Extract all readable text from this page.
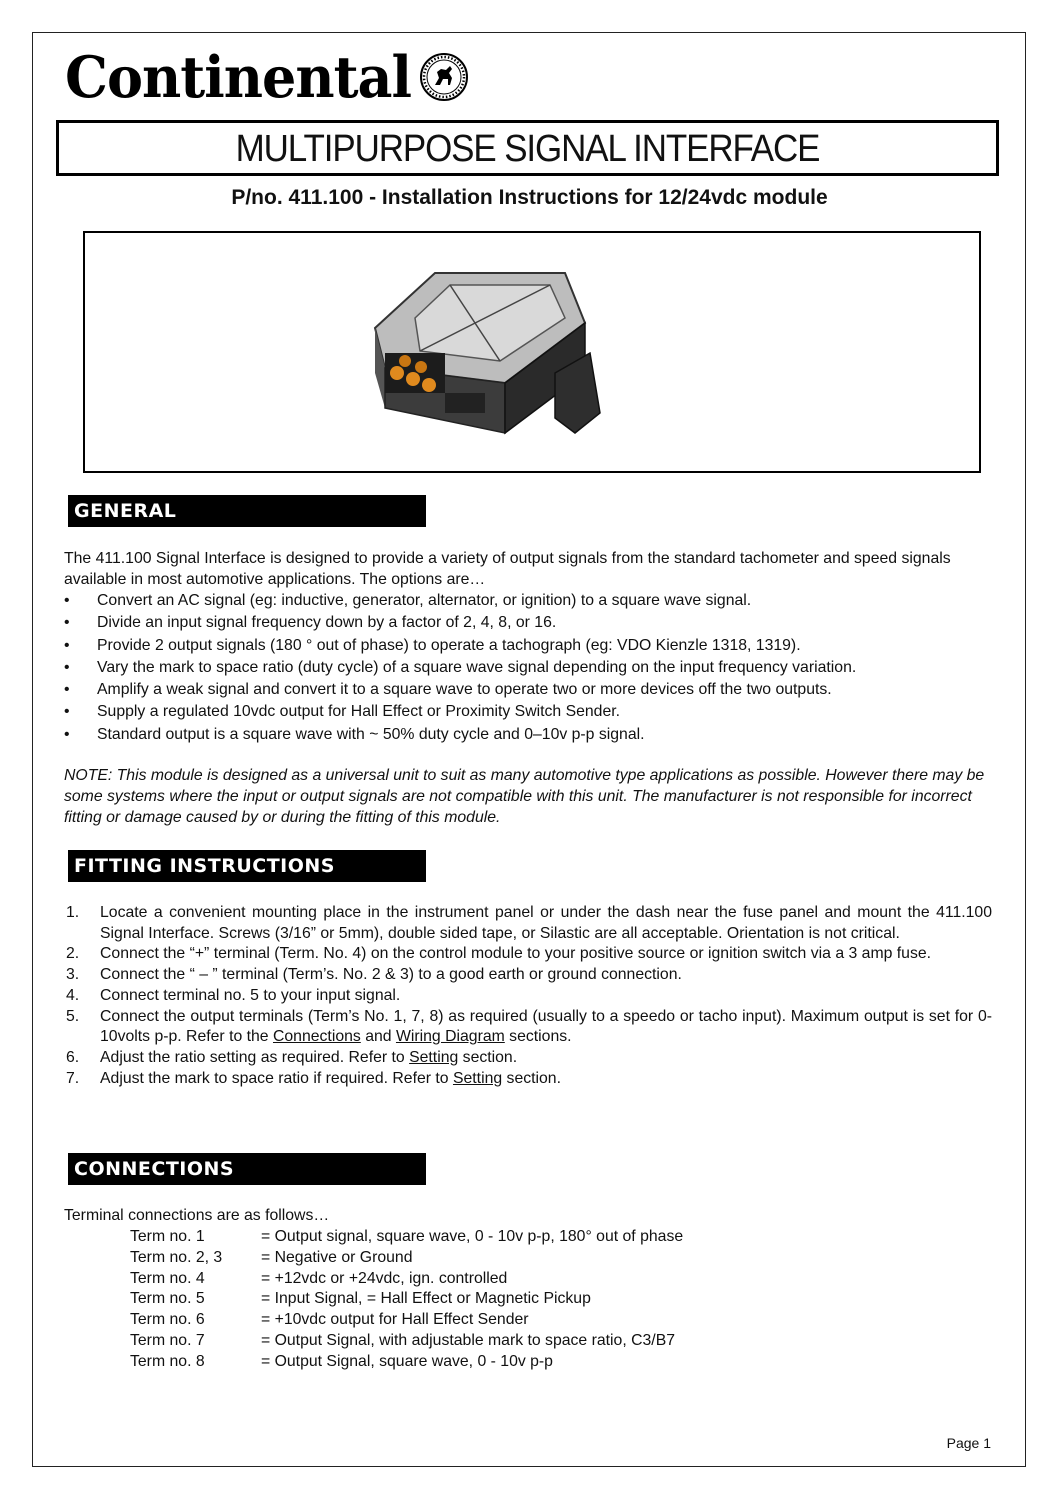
Continental
MULTIPURPOSE SIGNAL INTERFACE
P/no. 411.100 - Installation Instructions for 12/24vdc module
GENERAL
The 411.100 Signal Interface is designed to provide a variety of output signals from the standard tachometer and speed signals available in most automotive applications. The options are…
• Convert an AC signal (eg: inductive, generator, alternator, or ignition) to a square wave signal.
• Divide an input signal frequency down by a factor of 2, 4, 8, or 16.
• Provide 2 output signals (180 ° out of phase) to operate a tachograph (eg: VDO Kienzle 1318, 1319).
• Vary the mark to space ratio (duty cycle) of a square wave signal depending on the input frequency variation.
• Amplify a weak signal and convert it to a square wave to operate two or more devices off the two outputs.
• Supply a regulated 10vdc output for Hall Effect or Proximity Switch Sender.
• Standard output is a square wave with ~ 50% duty cycle and 0–10v p-p signal.
NOTE: This module is designed as a universal unit to suit as many automotive type applications as possible. However there may be some systems where the input or output signals are not compatible with this unit. The manufacturer is not responsible for incorrect fitting or damage caused by or during the fitting of this module.
FITTING INSTRUCTIONS
1. Locate a convenient mounting place in the instrument panel or under the dash near the fuse panel and mount the 411.100 Signal Interface. Screws (3/16” or 5mm), double sided tape, or Silastic are all acceptable. Orientation is not critical.
2. Connect the “+” terminal (Term. No. 4) on the control module to your positive source or ignition switch via a 3 amp fuse.
3. Connect the “ – ” terminal (Term’s. No. 2 & 3) to a good earth or ground connection.
4. Connect terminal no. 5 to your input signal.
5. Connect the output terminals (Term’s No. 1, 7, 8) as required (usually to a speedo or tacho input). Maximum output is set for 0-10volts p-p. Refer to the Connections and Wiring Diagram sections.
6. Adjust the ratio setting as required. Refer to Setting section.
7. Adjust the mark to space ratio if required. Refer to Setting section.
CONNECTIONS
Terminal connections are as follows…
Term no. 1	= Output signal, square wave, 0 - 10v p-p, 180° out of phase
Term no. 2, 3	= Negative or Ground
Term no. 4	= +12vdc or +24vdc, ign. controlled
Term no. 5	= Input Signal, = Hall Effect or Magnetic Pickup
Term no. 6	= +10vdc output for Hall Effect Sender
Term no. 7	= Output Signal, with adjustable mark to space ratio, C3/B7
Term no. 8	= Output Signal, square wave, 0 - 10v p-p
Page 1
